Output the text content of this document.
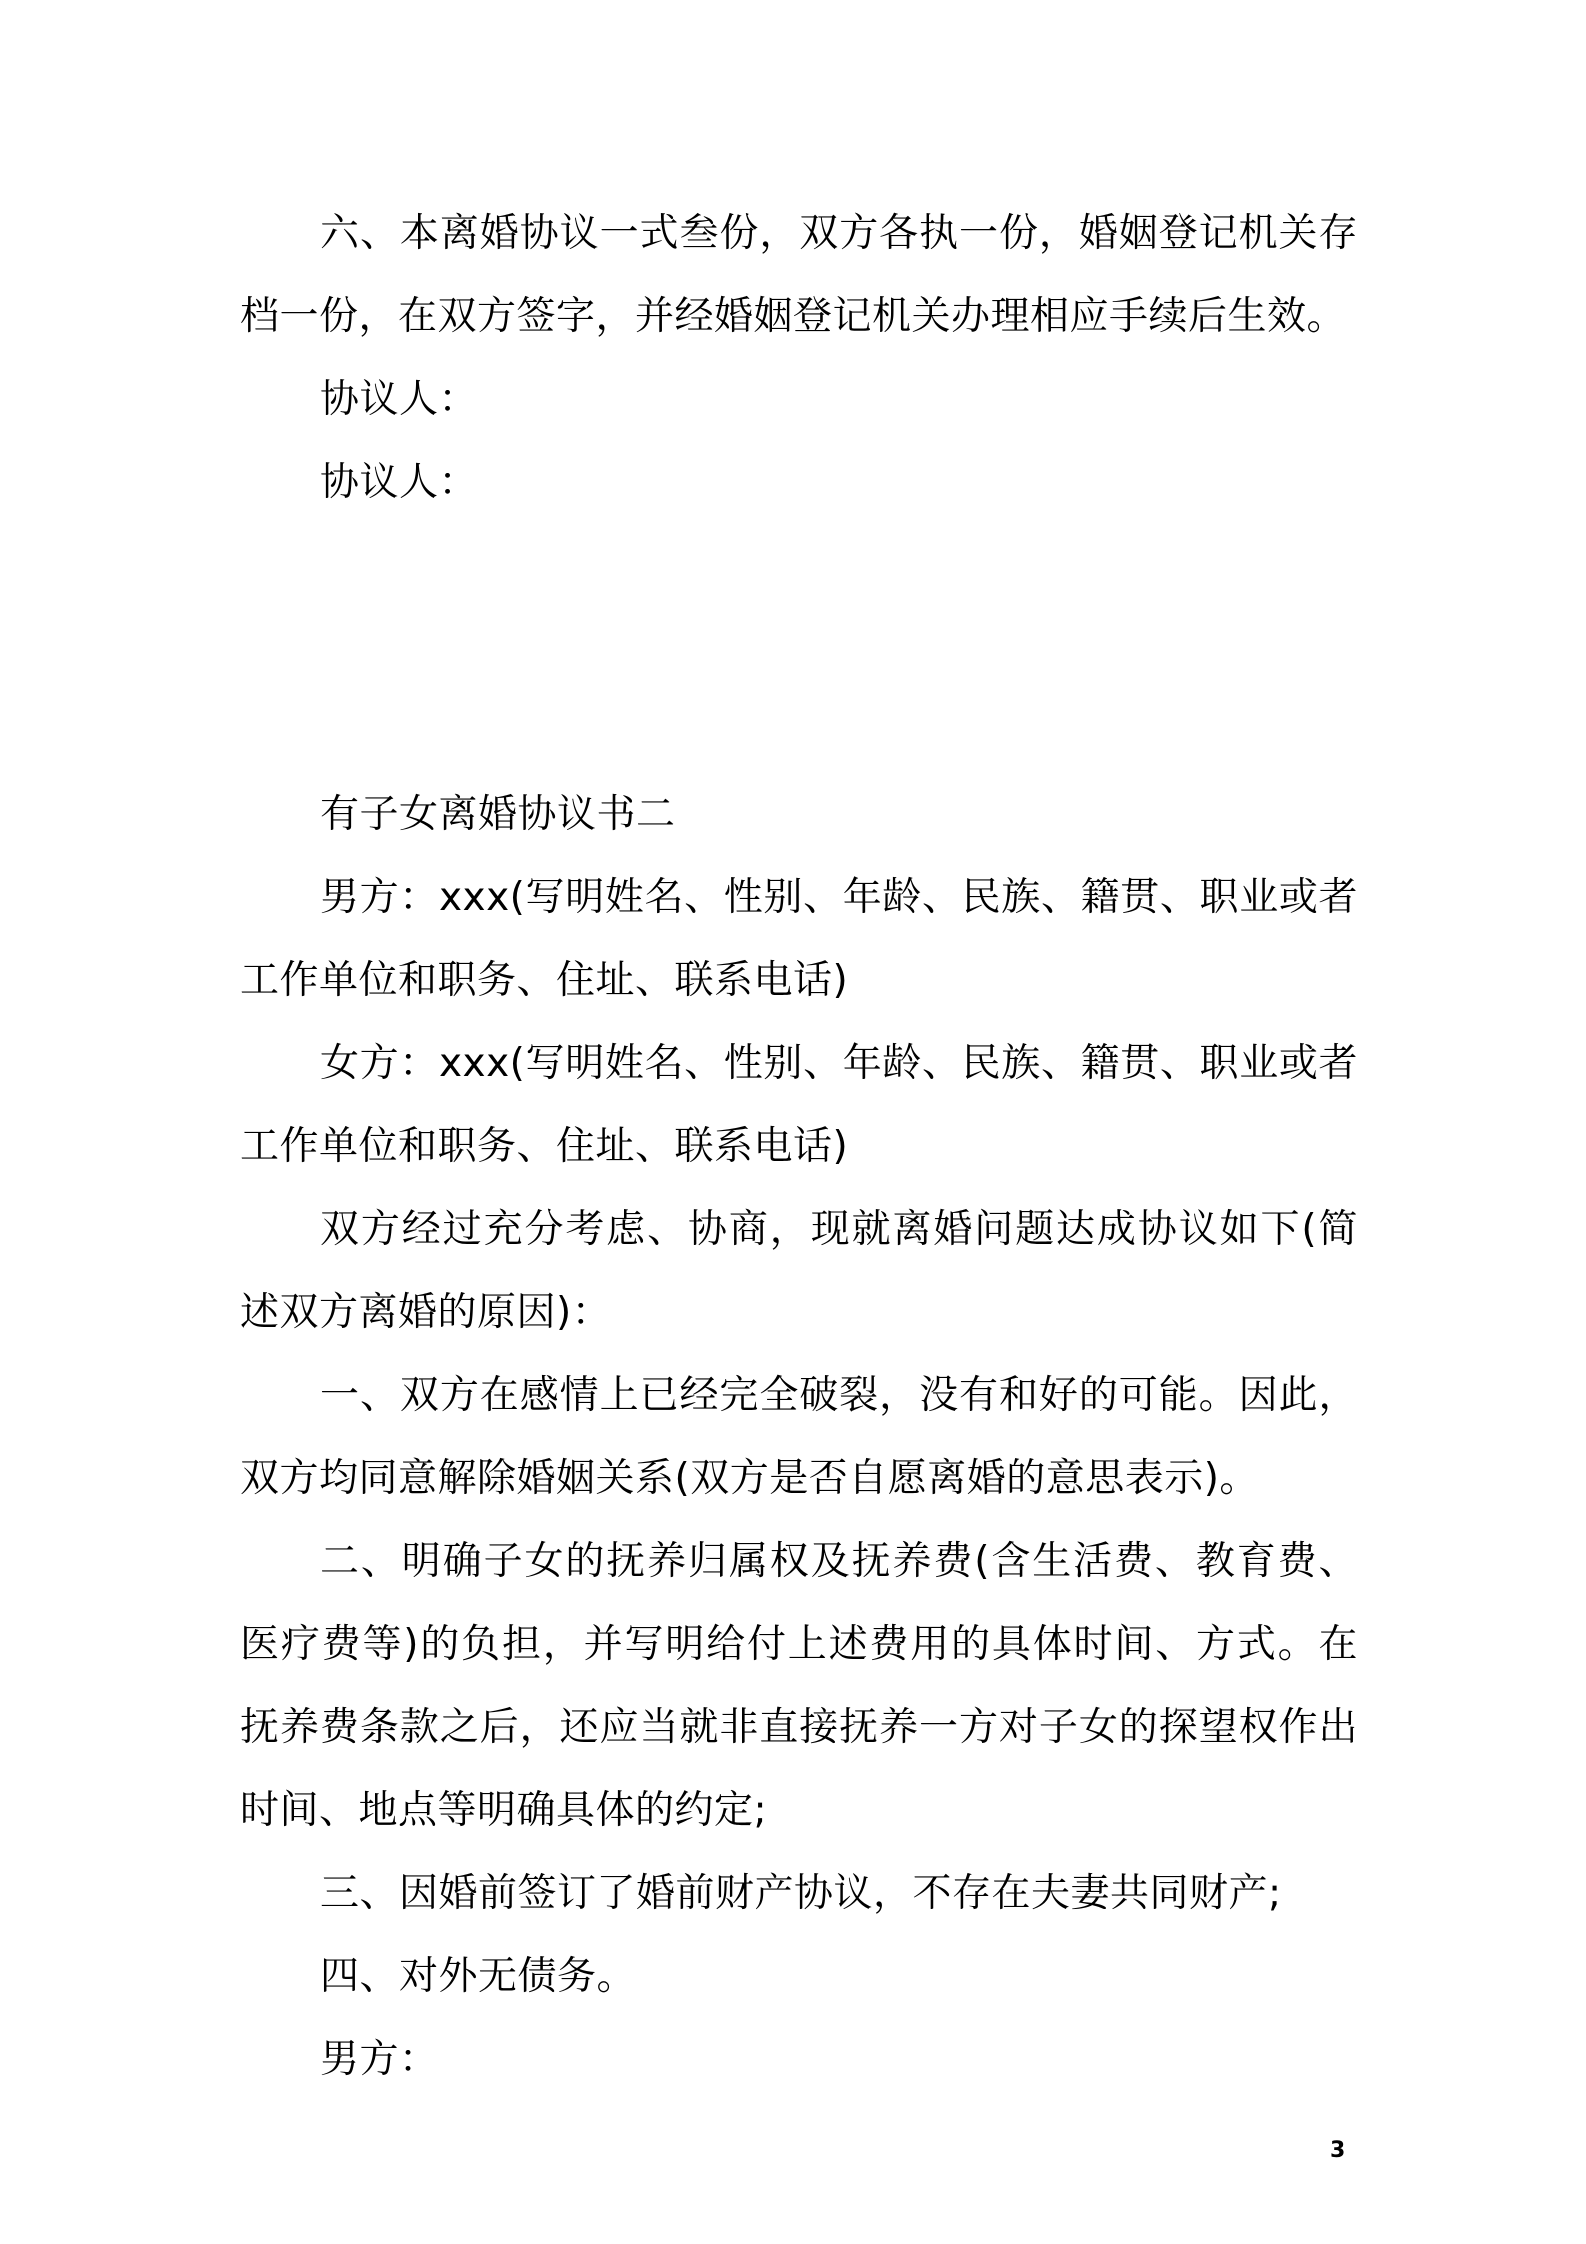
六、本离婚协议一式叁份，双方各执一份，婚姻登记机关存档一份，在双方签字，并经婚姻登记机关办理相应手续后生效。

协议人：

协议人：

有子女离婚协议书二

男方：xxx(写明姓名、性别、年龄、民族、籍贯、职业或者工作单位和职务、住址、联系电话)

女方：xxx(写明姓名、性别、年龄、民族、籍贯、职业或者工作单位和职务、住址、联系电话)

双方经过充分考虑、协商，现就离婚问题达成协议如下(简述双方离婚的原因)：

一、双方在感情上已经完全破裂，没有和好的可能。因此，双方均同意解除婚姻关系(双方是否自愿离婚的意思表示)。

二、明确子女的抚养归属权及抚养费(含生活费、教育费、医疗费等)的负担，并写明给付上述费用的具体时间、方式。在抚养费条款之后，还应当就非直接抚养一方对子女的探望权作出时间、地点等明确具体的约定;

三、因婚前签订了婚前财产协议，不存在夫妻共同财产;

四、对外无债务。

男方：

3
